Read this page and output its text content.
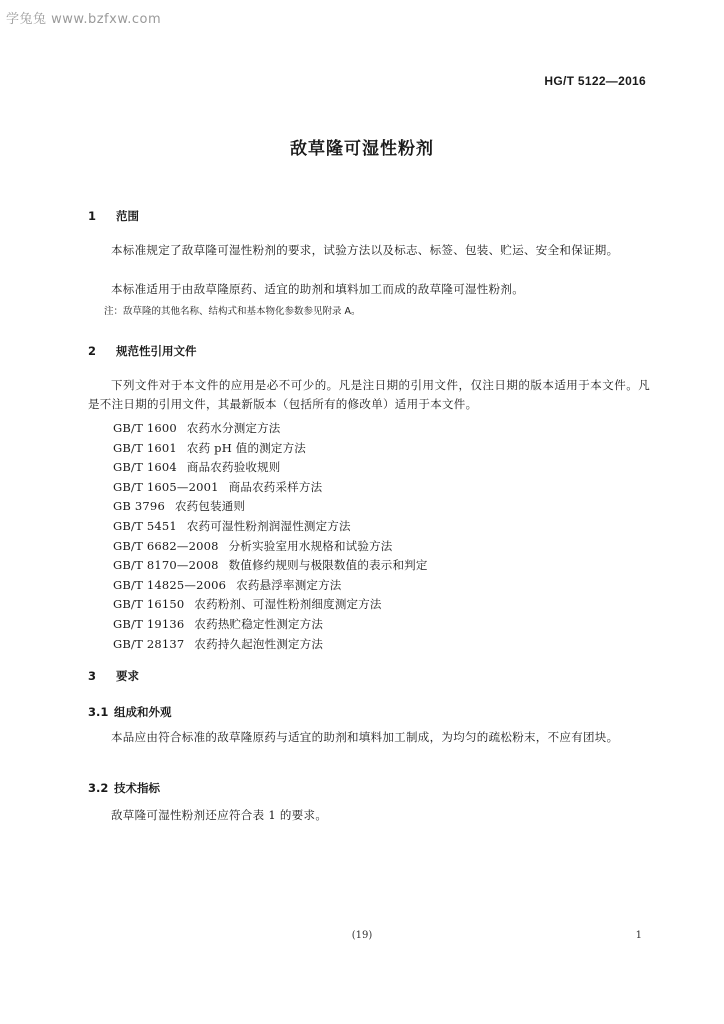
学兔兔 www.bzfxw.com
HG/T 5122—2016
敌草隆可湿性粉剂
1 范围
本标准规定了敌草隆可湿性粉剂的要求，试验方法以及标志、标签、包装、贮运、安全和保证期。
本标准适用于由敌草隆原药、适宜的助剂和填料加工而成的敌草隆可湿性粉剂。
注：敌草隆的其他名称、结构式和基本物化参数参见附录 A。
2 规范性引用文件
下列文件对于本文件的应用是必不可少的。凡是注日期的引用文件，仅注日期的版本适用于本文件。凡是不注日期的引用文件，其最新版本（包括所有的修改单）适用于本文件。
GB/T 1600 农药水分测定方法
GB/T 1601 农药 pH 值的测定方法
GB/T 1604 商品农药验收规则
GB/T 1605—2001 商品农药采样方法
GB 3796 农药包装通则
GB/T 5451 农药可湿性粉剂润湿性测定方法
GB/T 6682—2008 分析实验室用水规格和试验方法
GB/T 8170—2008 数值修约规则与极限数值的表示和判定
GB/T 14825—2006 农药悬浮率测定方法
GB/T 16150 农药粉剂、可湿性粉剂细度测定方法
GB/T 19136 农药热贮稳定性测定方法
GB/T 28137 农药持久起泡性测定方法
3 要求
3.1 组成和外观
本品应由符合标准的敌草隆原药与适宜的助剂和填料加工制成，为均匀的疏松粉末，不应有团块。
3.2 技术指标
敌草隆可湿性粉剂还应符合表 1 的要求。
(19)	1
